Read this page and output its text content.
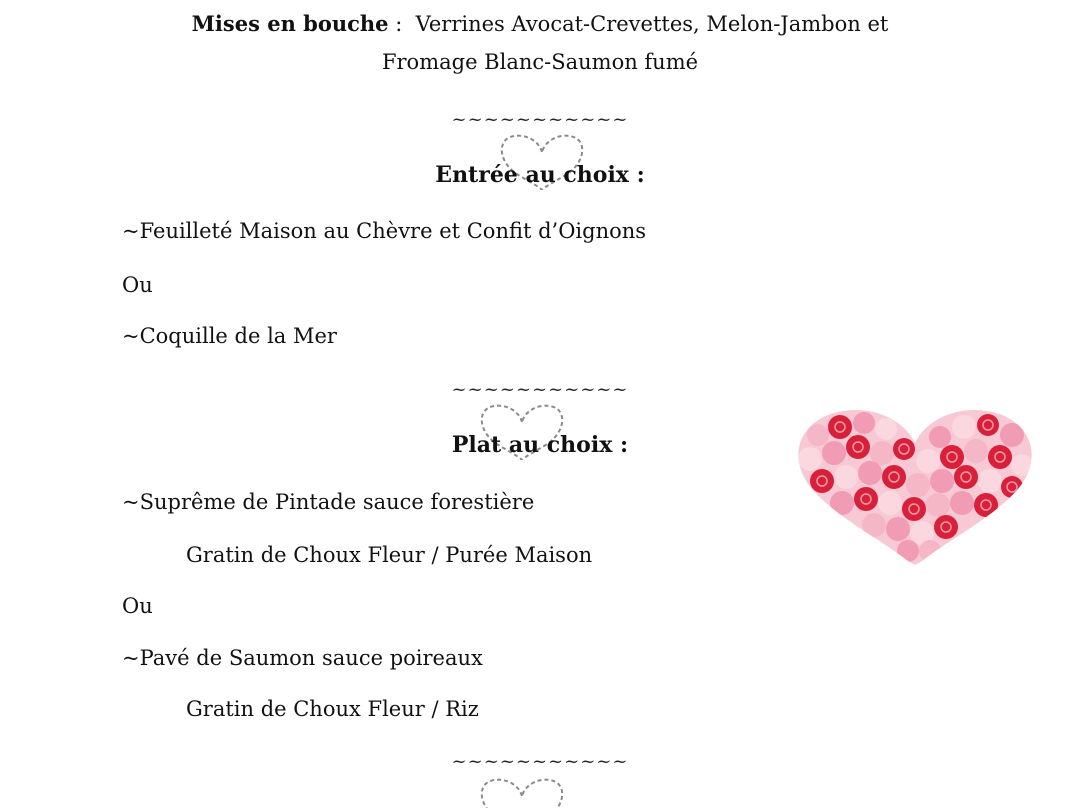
Mises en bouche :  Verrines Avocat-Crevettes, Melon-Jambon et
Fromage Blanc-Saumon fumé
~~~~~~~~~~~
Entrée au choix :
~Feuilleté Maison au Chèvre et Confit d’Oignons
Ou
~Coquille de la Mer
~~~~~~~~~~~
Plat au choix :
~Suprême de Pintade sauce forestière
Gratin de Choux Fleur / Purée Maison
Ou
~Pavé de Saumon sauce poireaux
Gratin de Choux Fleur / Riz
~~~~~~~~~~~
